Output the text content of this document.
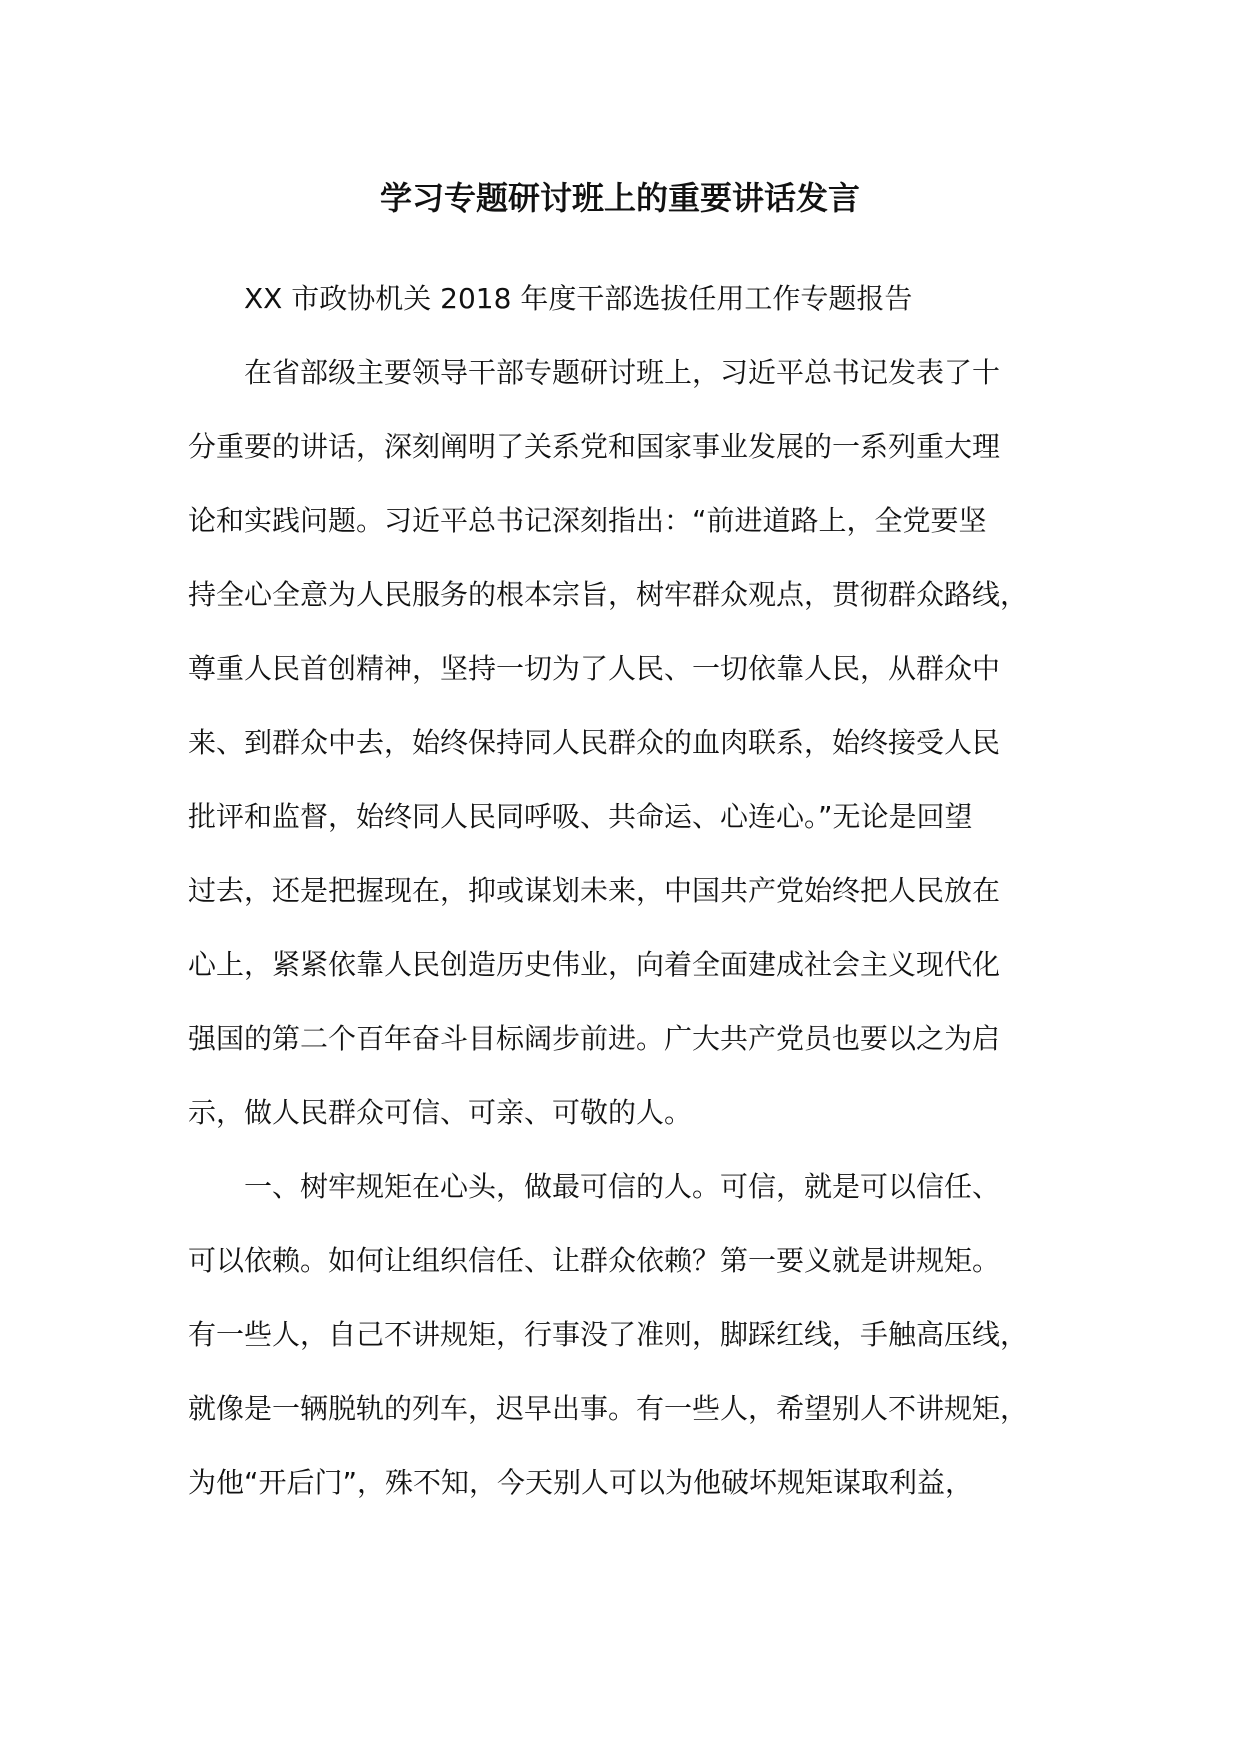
学习专题研讨班上的重要讲话发言
　　XX 市政协机关 2018 年度干部选拔任用工作专题报告
　　在省部级主要领导干部专题研讨班上，习近平总书记发表了十
分重要的讲话，深刻阐明了关系党和国家事业发展的一系列重大理
论和实践问题。习近平总书记深刻指出：“前进道路上，全党要坚
持全心全意为人民服务的根本宗旨，树牢群众观点，贯彻群众路线，
尊重人民首创精神，坚持一切为了人民、一切依靠人民，从群众中
来、到群众中去，始终保持同人民群众的血肉联系，始终接受人民
批评和监督，始终同人民同呼吸、共命运、心连心。”无论是回望
过去，还是把握现在，抑或谋划未来，中国共产党始终把人民放在
心上，紧紧依靠人民创造历史伟业，向着全面建成社会主义现代化
强国的第二个百年奋斗目标阔步前进。广大共产党员也要以之为启
示，做人民群众可信、可亲、可敬的人。
　　一、树牢规矩在心头，做最可信的人。可信，就是可以信任、
可以依赖。如何让组织信任、让群众依赖？第一要义就是讲规矩。
有一些人，自己不讲规矩，行事没了准则，脚踩红线，手触高压线，
就像是一辆脱轨的列车，迟早出事。有一些人，希望别人不讲规矩，
为他“开后门”，殊不知，今天别人可以为他破坏规矩谋取利益，
